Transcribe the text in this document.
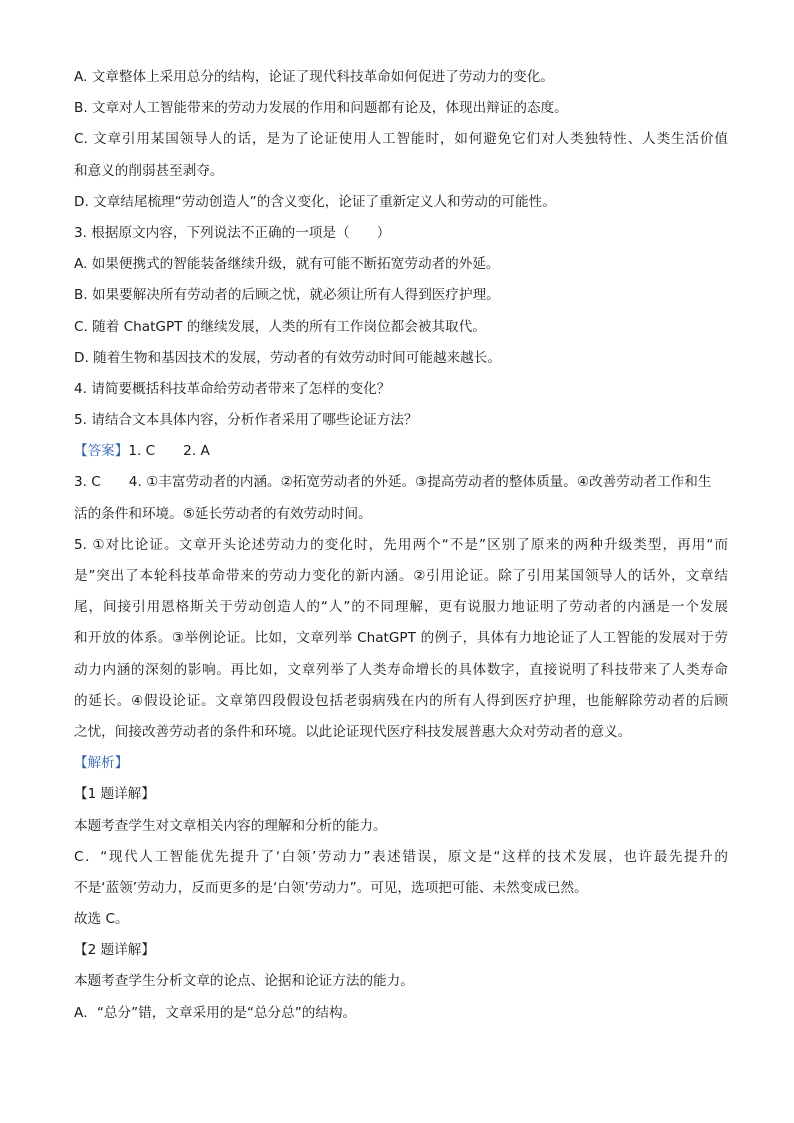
A. 文章整体上采用总分的结构，论证了现代科技革命如何促进了劳动力的变化。
B. 文章对人工智能带来的劳动力发展的作用和问题都有论及，体现出辩证的态度。
C. 文章引用某国领导人的话，是为了论证使用人工智能时，如何避免它们对人类独特性、人类生活价值
和意义的削弱甚至剥夺。
D. 文章结尾梳理“劳动创造人”的含义变化，论证了重新定义人和劳动的可能性。
3. 根据原文内容，下列说法不正确的一项是（　　）
A. 如果便携式的智能装备继续升级，就有可能不断拓宽劳动者的外延。
B. 如果要解决所有劳动者的后顾之忧，就必须让所有人得到医疗护理。
C. 随着 ChatGPT 的继续发展，人类的所有工作岗位都会被其取代。
D. 随着生物和基因技术的发展，劳动者的有效劳动时间可能越来越长。
4. 请简要概括科技革命给劳动者带来了怎样的变化？
5. 请结合文本具体内容，分析作者采用了哪些论证方法？
【答案】1. C 2. A
3. C 4. ①丰富劳动者的内涵。②拓宽劳动者的外延。③提高劳动者的整体质量。④改善劳动者工作和生
活的条件和环境。⑤延长劳动者的有效劳动时间。
5. ①对比论证。文章开头论述劳动力的变化时，先用两个“不是”区别了原来的两种升级类型，再用“而
是”突出了本轮科技革命带来的劳动力变化的新内涵。②引用论证。除了引用某国领导人的话外，文章结
尾，间接引用恩格斯关于劳动创造人的“人”的不同理解，更有说服力地证明了劳动者的内涵是一个发展
和开放的体系。③举例论证。比如，文章列举 ChatGPT 的例子，具体有力地论证了人工智能的发展对于劳
动力内涵的深刻的影响。再比如，文章列举了人类寿命增长的具体数字，直接说明了科技带来了人类寿命
的延长。④假设论证。文章第四段假设包括老弱病残在内的所有人得到医疗护理，也能解除劳动者的后顾
之忧，间接改善劳动者的条件和环境。以此论证现代医疗科技发展普惠大众对劳动者的意义。
【解析】
【1 题详解】
本题考查学生对文章相关内容的理解和分析的能力。
C．“现代人工智能优先提升了‘白领’劳动力”表述错误，原文是“这样的技术发展，也许最先提升的
不是‘蓝领’劳动力，反而更多的是‘白领’劳动力”。可见，选项把可能、未然变成已然。
故选 C。
【2 题详解】
本题考查学生分析文章的论点、论据和论证方法的能力。
A．“总分”错，文章采用的是“总分总”的结构。
